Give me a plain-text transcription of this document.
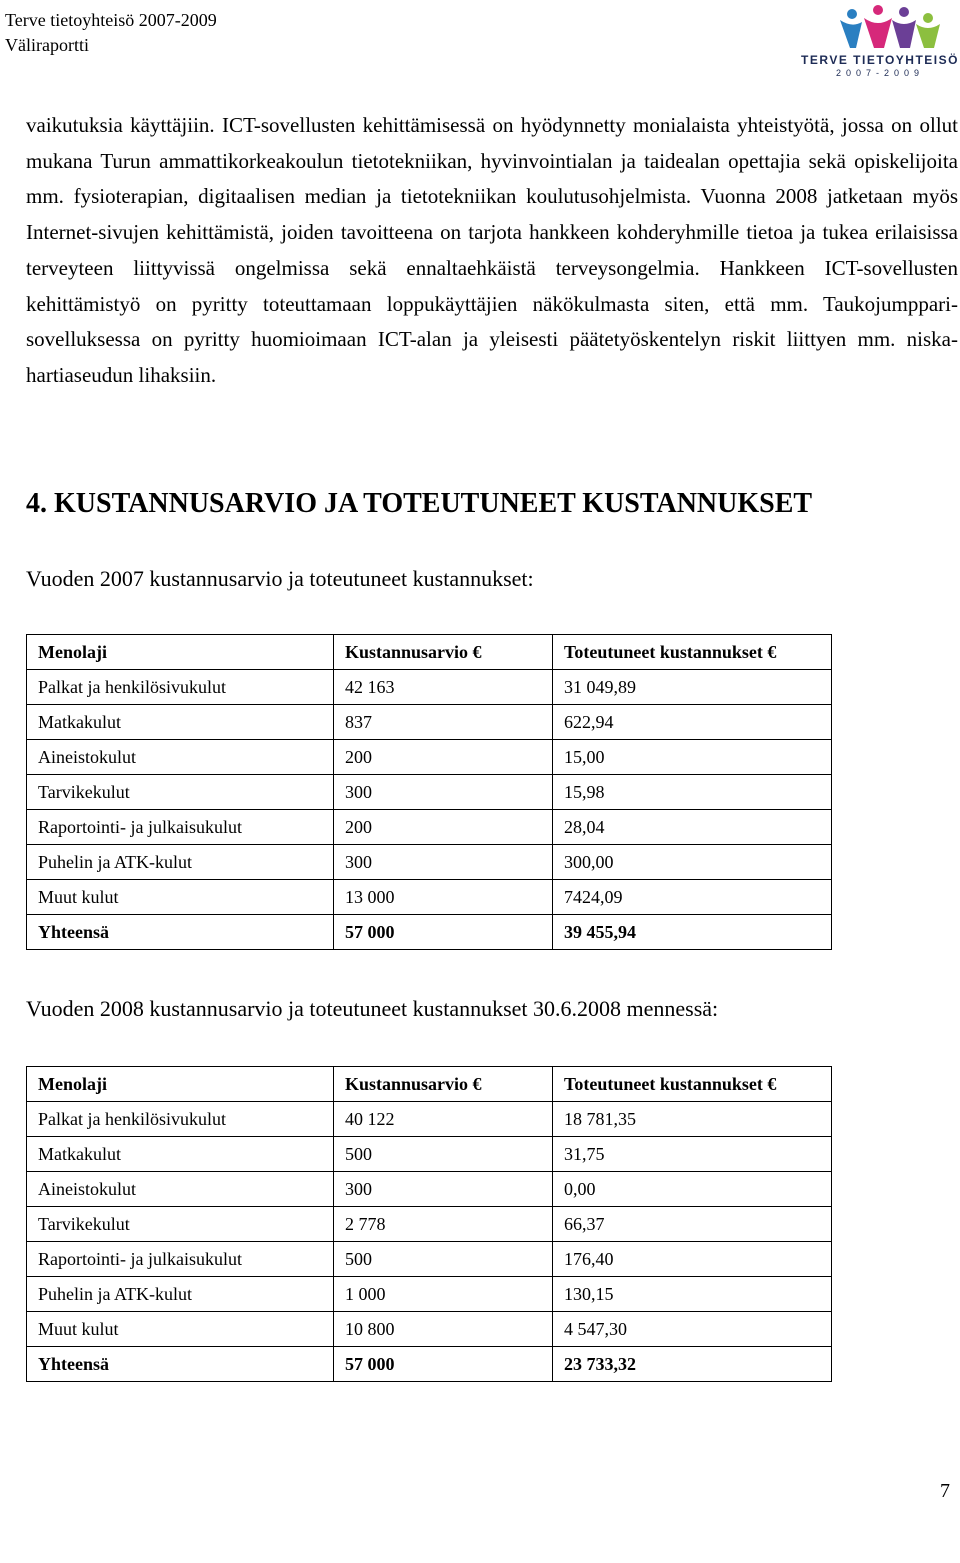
Terve tietoyhteisö 2007-2009
Väliraportti
TERVE TIETOYHTEISÖ
2007-2009
vaikutuksia käyttäjiin. ICT-sovellusten kehittämisessä on hyödynnetty monialaista yhteistyötä, jossa on ollut mukana Turun ammattikorkeakoulun tietotekniikan, hyvinvointialan ja taidealan opettajia sekä opiskelijoita mm. fysioterapian, digitaalisen median ja tietotekniikan koulutusohjelmista. Vuonna 2008 jatketaan myös Internet-sivujen kehittämistä, joiden tavoitteena on tarjota hankkeen kohderyhmille tietoa ja tukea erilaisissa terveyteen liittyvissä ongelmissa sekä ennaltaehkäistä terveysongelmia. Hankkeen ICT-sovellusten kehittämistyö on pyritty toteuttamaan loppukäyttäjien näkökulmasta siten, että mm. Taukojumppari-sovelluksessa on pyritty huomioimaan ICT-alan ja yleisesti päätetyöskentelyn riskit liittyen mm. niska-hartiaseudun lihaksiin.
4. KUSTANNUSARVIO JA TOTEUTUNEET KUSTANNUKSET
Vuoden 2007 kustannusarvio ja toteutuneet kustannukset:
Menolaji	Kustannusarvio €	Toteutuneet kustannukset €
Palkat ja henkilösivukulut	42 163	31 049,89
Matkakulut	837	622,94
Aineistokulut	200	15,00
Tarvikekulut	300	15,98
Raportointi- ja julkaisukulut	200	28,04
Puhelin ja ATK-kulut	300	300,00
Muut kulut	13 000	7424,09
Yhteensä	57 000	39 455,94
Vuoden 2008 kustannusarvio ja toteutuneet kustannukset 30.6.2008 mennessä:
Menolaji	Kustannusarvio €	Toteutuneet kustannukset €
Palkat ja henkilösivukulut	40 122	18 781,35
Matkakulut	500	31,75
Aineistokulut	300	0,00
Tarvikekulut	2 778	66,37
Raportointi- ja julkaisukulut	500	176,40
Puhelin ja ATK-kulut	1 000	130,15
Muut kulut	10 800	4 547,30
Yhteensä	57 000	23 733,32
7
